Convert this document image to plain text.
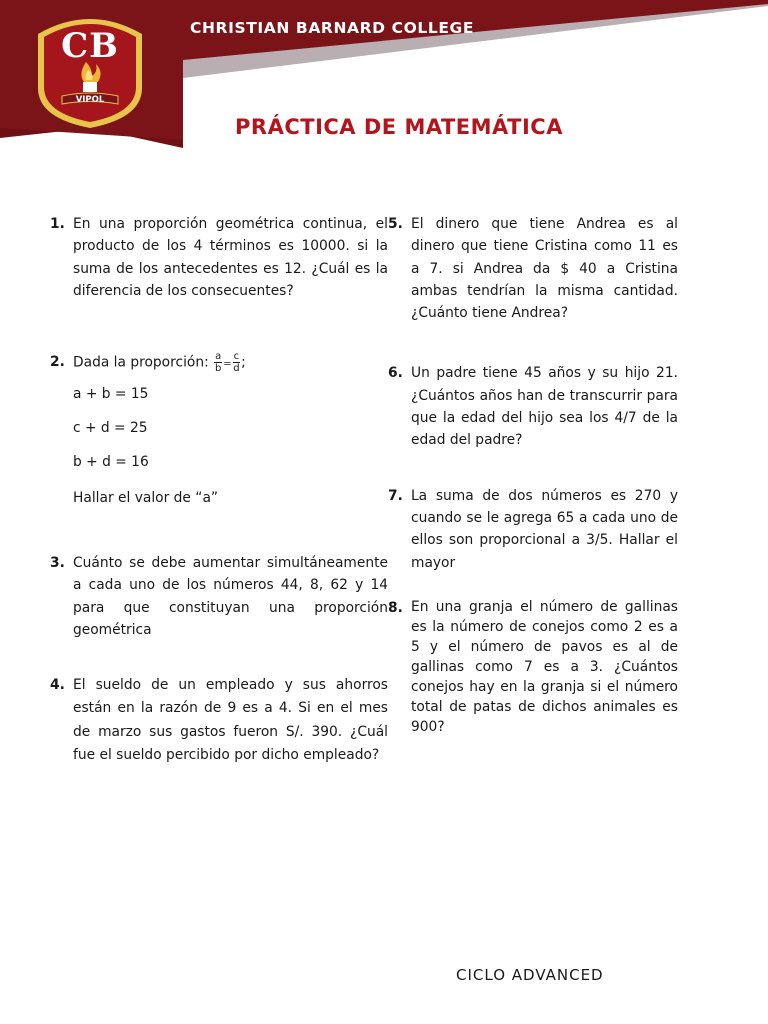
CB
VIPOL
CHRISTIAN BARNARD COLLEGE
PRÁCTICA DE MATEMÁTICA
1. En una proporción geométrica continua, el producto de los 4 términos es 10000. si la suma de los antecedentes es 12. ¿Cuál es la diferencia de los consecuentes?

2. Dada la proporción: $\frac{a}{b} = \frac{c}{d}$ ;

a + b = 15
c + d = 25
b + d = 16
Hallar el valor de “a”
3. Cuánto se debe aumentar simultáneamente a cada uno de los números 44, 8, 62 y 14 para que constituyan una proporción geométrica

4. El sueldo de un empleado y sus ahorros están en la razón de 9 es a 4. Si en el mes de marzo sus gastos fueron S/. 390. ¿Cuál fue el sueldo percibido por dicho empleado?

5. El dinero que tiene Andrea es al dinero que tiene Cristina como 11 es a 7. si Andrea da $ 40 a Cristina ambas tendrían la misma cantidad. ¿Cuánto tiene Andrea?

6. Un padre tiene 45 años y su hijo 21. ¿Cuántos años han de transcurrir para que la edad del hijo sea los 4/7 de la edad del padre?

7. La suma de dos números es 270 y cuando se le agrega 65 a cada uno de ellos son proporcional a 3/5. Hallar el mayor

8. En una granja el número de gallinas es la número de conejos como 2 es a 5 y el número de pavos es al de gallinas como 7 es a 3. ¿Cuántos conejos hay en la granja si el número total de patas de dichos animales es 900?

CICLO ADVANCED
